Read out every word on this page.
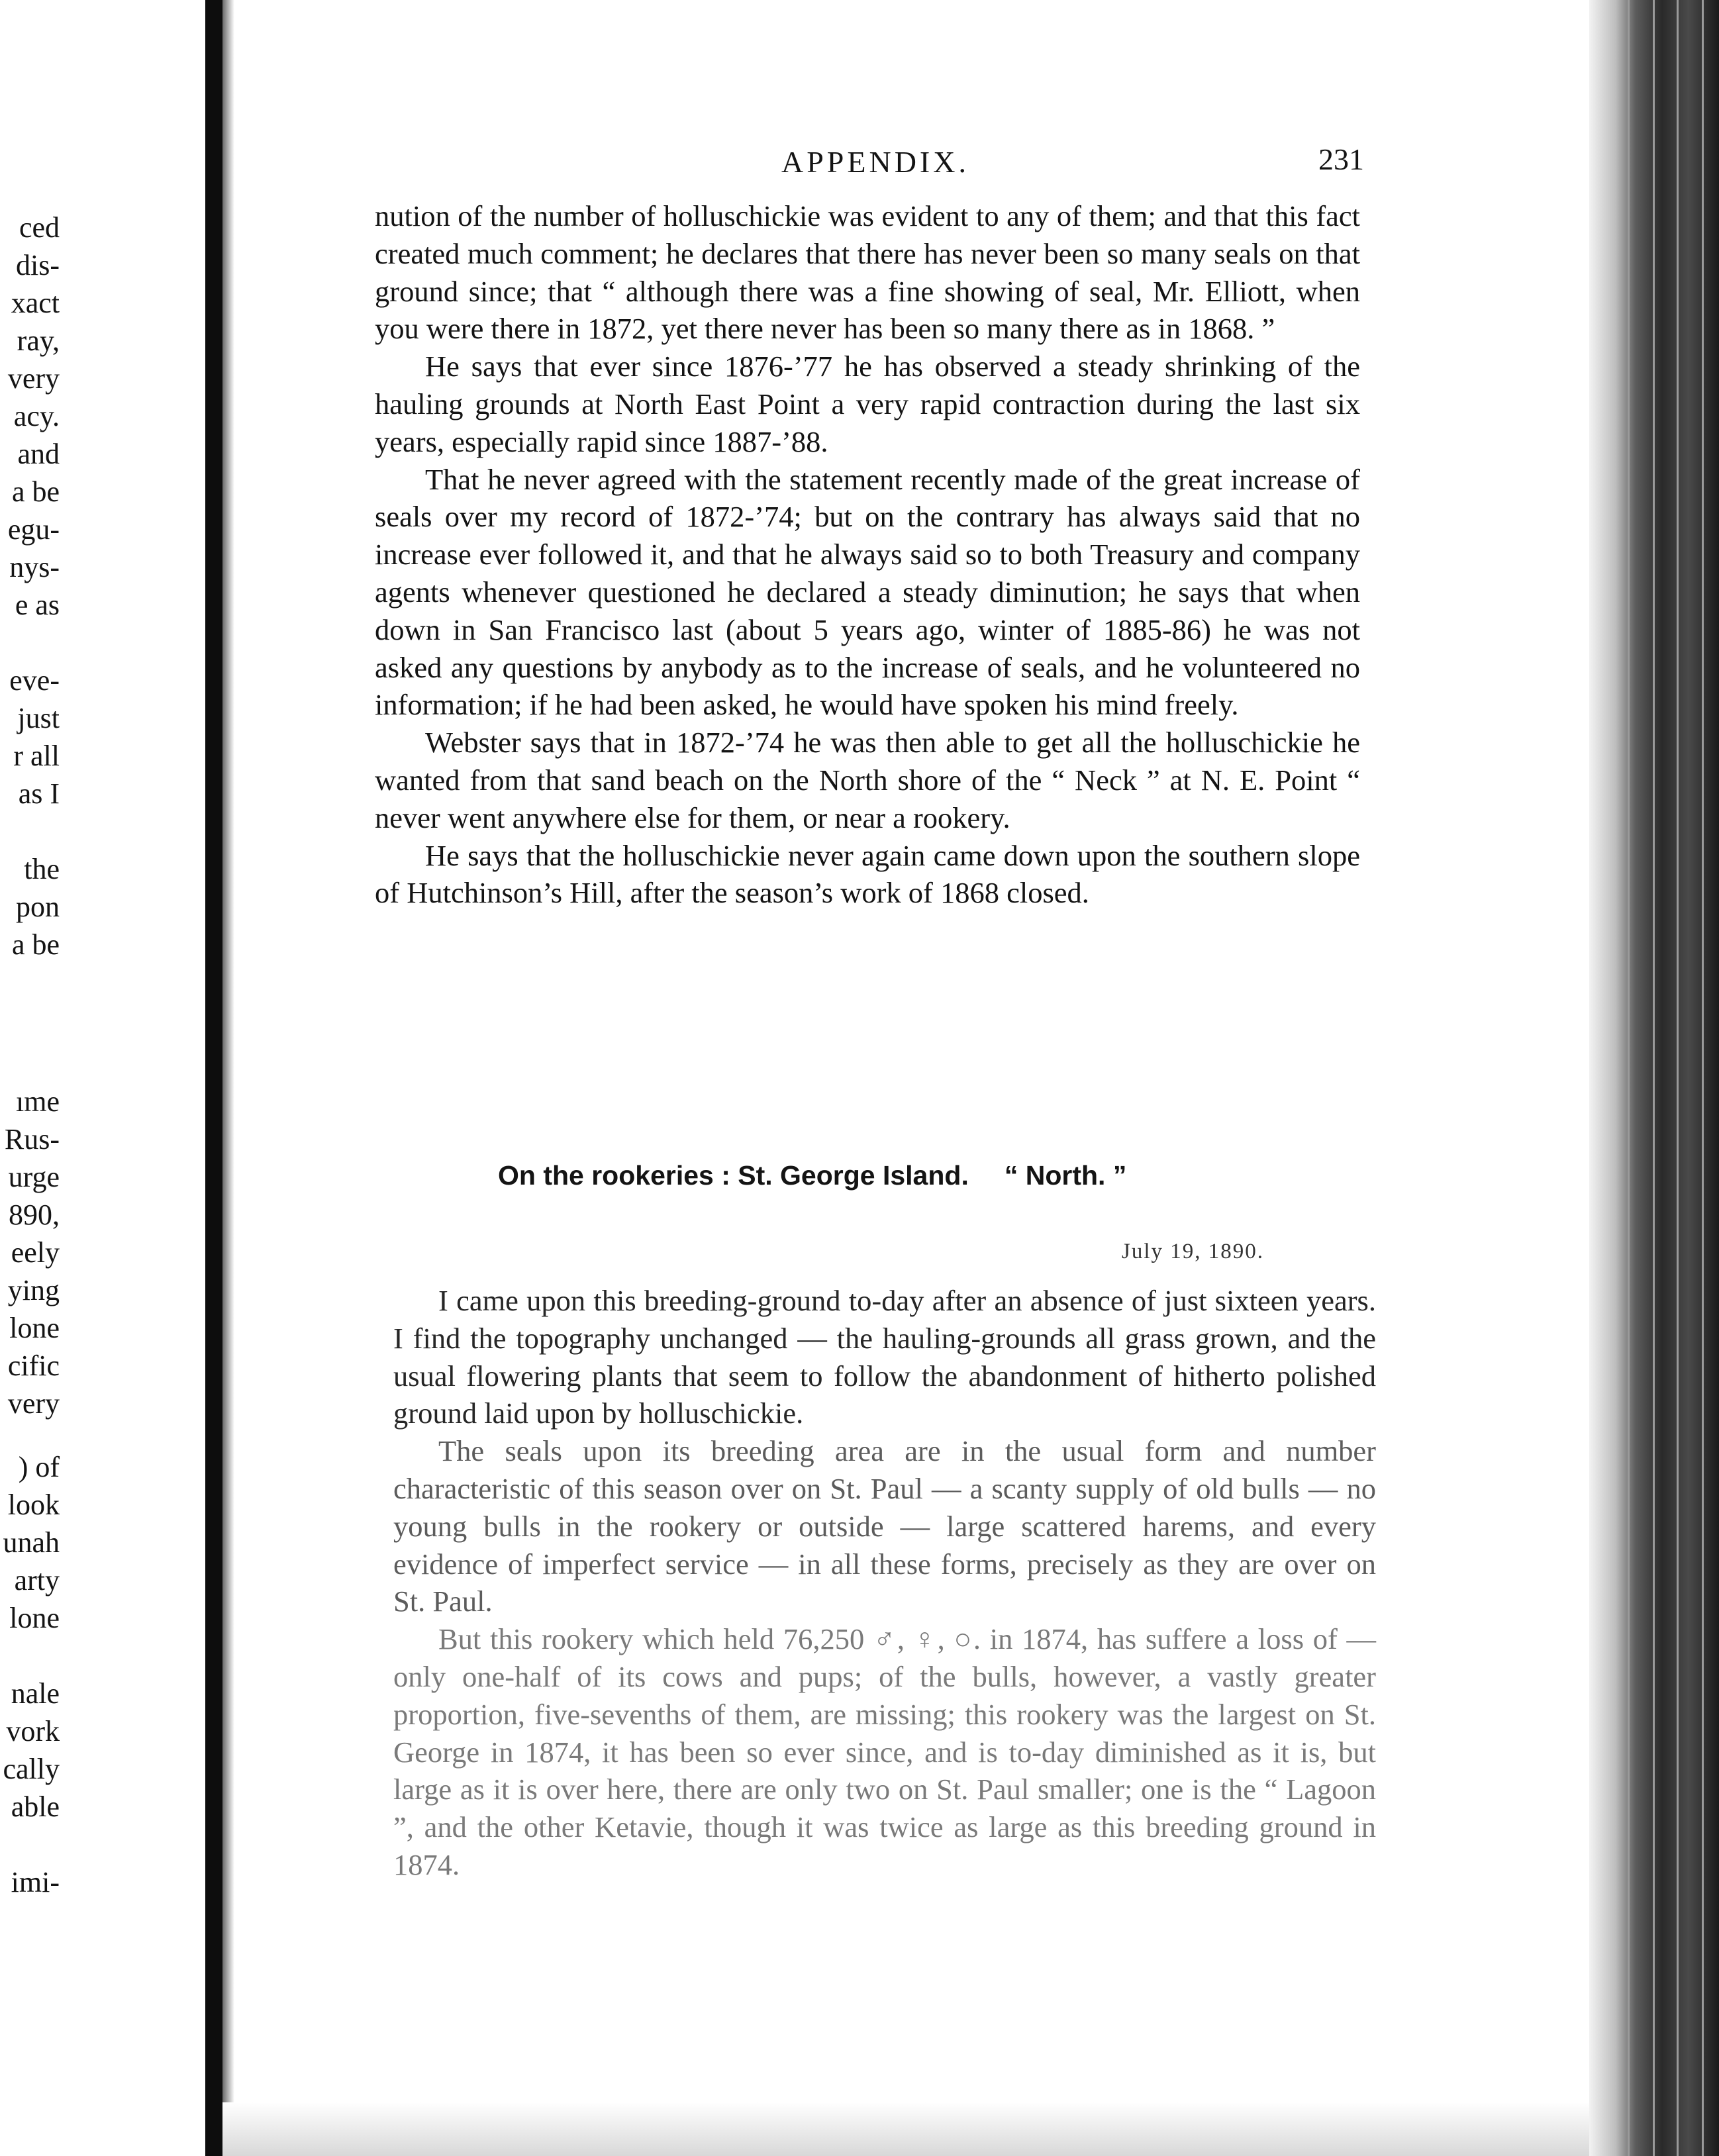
ced
dis-
xact
ray,
very
acy.
and
a be
egu-
nys-
e as
eve-
just
r all
as I
the
pon
a be
ıme
Rus-
urge
890,
eely
ying
lone
cific
very
) of
look
unah
arty
lone
nale
vork
cally
able
imi-
APPENDIX.	231

nution of the number of holluschickie was evident to any of them; and that this fact created much comment; he declares that there has never been so many seals on that ground since; that “ although there was a fine showing of seal, Mr. Elliott, when you were there in 1872, yet there never has been so many there as in 1868. ”

He says that ever since 1876-’77 he has observed a steady shrinking of the hauling grounds at North East Point a very rapid contraction during the last six years, especially rapid since 1887-’88.

That he never agreed with the statement recently made of the great increase of seals over my record of 1872-’74; but on the contrary has always said that no increase ever followed it, and that he always said so to both Treasury and company agents whenever questioned he declared a steady diminution; he says that when down in San Francisco last (about 5 years ago, winter of 1885-86) he was not asked any questions by anybody as to the increase of seals, and he volunteered no information; if he had been asked, he would have spoken his mind freely.

Webster says that in 1872-’74 he was then able to get all the holluschickie he wanted from that sand beach on the North shore of the “ Neck ” at N. E. Point “ never went anywhere else for them, or near a rookery.

He says that the holluschickie never again came down upon the southern slope of Hutchinson’s Hill, after the season’s work of 1868 closed.

On the rookeries : St. George Island. “ North. ”
July 19, 1890.

I came upon this breeding-ground to-day after an absence of just sixteen years. I find the topography unchanged — the hauling-grounds all grass grown, and the usual flowering plants that seem to follow the abandonment of hitherto polished ground laid upon by holluschickie.

The seals upon its breeding area are in the usual form and number characteristic of this season over on St. Paul — a scanty supply of old bulls — no young bulls in the rookery or outside — large scattered harems, and every evidence of imperfect service — in all these forms, precisely as they are over on St. Paul.

But this rookery which held 76,250 ♂, ♀, ○. in 1874, has suffere a loss of — only one-half of its cows and pups; of the bulls, however, a vastly greater proportion, five-sevenths of them, are missing; this rookery was the largest on St. George in 1874, it has been so ever since, and is to-day diminished as it is, but large as it is over here, there are only two on St. Paul smaller; one is the “ Lagoon ”, and the other Ketavie, though it was twice as large as this breeding ground in 1874.
